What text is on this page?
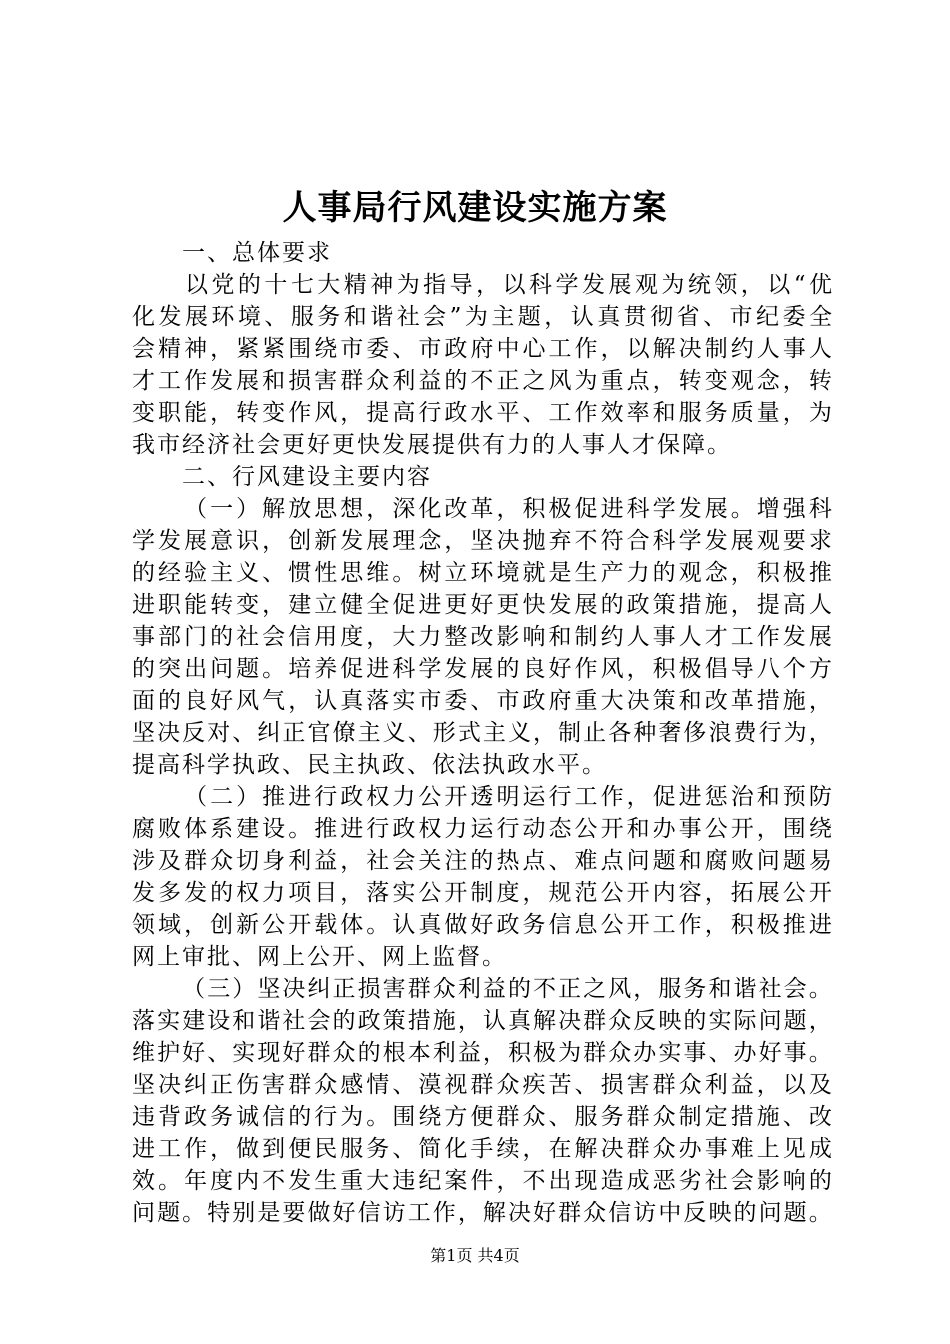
人事局行风建设实施方案
　　一、总体要求

以 党 的 十 七 大 精 神 为 指 导 ， 以 科 学 发 展 观 为 统 领 ， 以 “ 优
化 发 展 环 境 、 服 务 和 谐 社 会 ” 为 主 题 ， 认 真 贯 彻 省 、 市 纪 委 全
会 精 神 ， 紧 紧 围 绕 市 委 、 市 政 府 中 心 工 作 ， 以 解 决 制 约 人 事 人
才 工 作 发 展 和 损 害 群 众 利 益 的 不 正 之 风 为 重 点 ， 转 变 观 念 ， 转
变 职 能 ， 转 变 作 风 ， 提 高 行 政 水 平 、 工 作 效 率 和 服 务 质 量 ， 为
我市经济社会更好更快发展提供有力的人事人才保障。
　　二、行风建设主要内容

（ 一 ） 解 放 思 想 ， 深 化 改 革 ， 积 极 促 进 科 学 发 展 。 增 强 科
学 发 展 意 识 ， 创 新 发 展 理 念 ， 坚 决 抛 弃 不 符 合 科 学 发 展 观 要 求
的 经 验 主 义 、 惯 性 思 维 。 树 立 环 境 就 是 生 产 力 的 观 念 ， 积 极 推
进 职 能 转 变 ， 建 立 健 全 促 进 更 好 更 快 发 展 的 政 策 措 施 ， 提 高 人
事 部 门 的 社 会 信 用 度 ， 大 力 整 改 影 响 和 制 约 人 事 人 才 工 作 发 展
的 突 出 问 题 。 培 养 促 进 科 学 发 展 的 良 好 作 风 ， 积 极 倡 导 八 个 方
面 的 良 好 风 气 ， 认 真 落 实 市 委 、 市 政 府 重 大 决 策 和 改 革 措 施 ，
坚 决 反 对 、 纠 正 官 僚 主 义 、 形 式 主 义 ， 制 止 各 种 奢 侈 浪 费 行 为 ，
提高科学执政、民主执政、依法执政水平。

（ 二 ） 推 进 行 政 权 力 公 开 透 明 运 行 工 作 ， 促 进 惩 治 和 预 防
腐 败 体 系 建 设 。 推 进 行 政 权 力 运 行 动 态 公 开 和 办 事 公 开 ， 围 绕
涉 及 群 众 切 身 利 益 ， 社 会 关 注 的 热 点 、 难 点 问 题 和 腐 败 问 题 易
发 多 发 的 权 力 项 目 ， 落 实 公 开 制 度 ， 规 范 公 开 内 容 ， 拓 展 公 开
领 域 ， 创 新 公 开 载 体 。 认 真 做 好 政 务 信 息 公 开 工 作 ， 积 极 推 进
网上审批、网上公开、网上监督。

（ 三 ） 坚 决 纠 正 损 害 群 众 利 益 的 不 正 之 风 ， 服 务 和 谐 社 会 。
落 实 建 设 和 谐 社 会 的 政 策 措 施 ， 认 真 解 决 群 众 反 映 的 实 际 问 题 ，
维 护 好 、 实 现 好 群 众 的 根 本 利 益 ， 积 极 为 群 众 办 实 事 、 办 好 事 。
坚 决 纠 正 伤 害 群 众 感 情 、 漠 视 群 众 疾 苦 、 损 害 群 众 利 益 ， 以 及
违 背 政 务 诚 信 的 行 为 。 围 绕 方 便 群 众 、 服 务 群 众 制 定 措 施 、 改
进 工 作 ， 做 到 便 民 服 务 、 简 化 手 续 ， 在 解 决 群 众 办 事 难 上 见 成
效 。 年 度 内 不 发 生 重 大 违 纪 案 件 ， 不 出 现 造 成 恶 劣 社 会 影 响 的
问 题 。 特 别 是 要 做 好 信 访 工 作 ， 解 决 好 群 众 信 访 中 反 映 的 问 题 。
第1页 共4页
